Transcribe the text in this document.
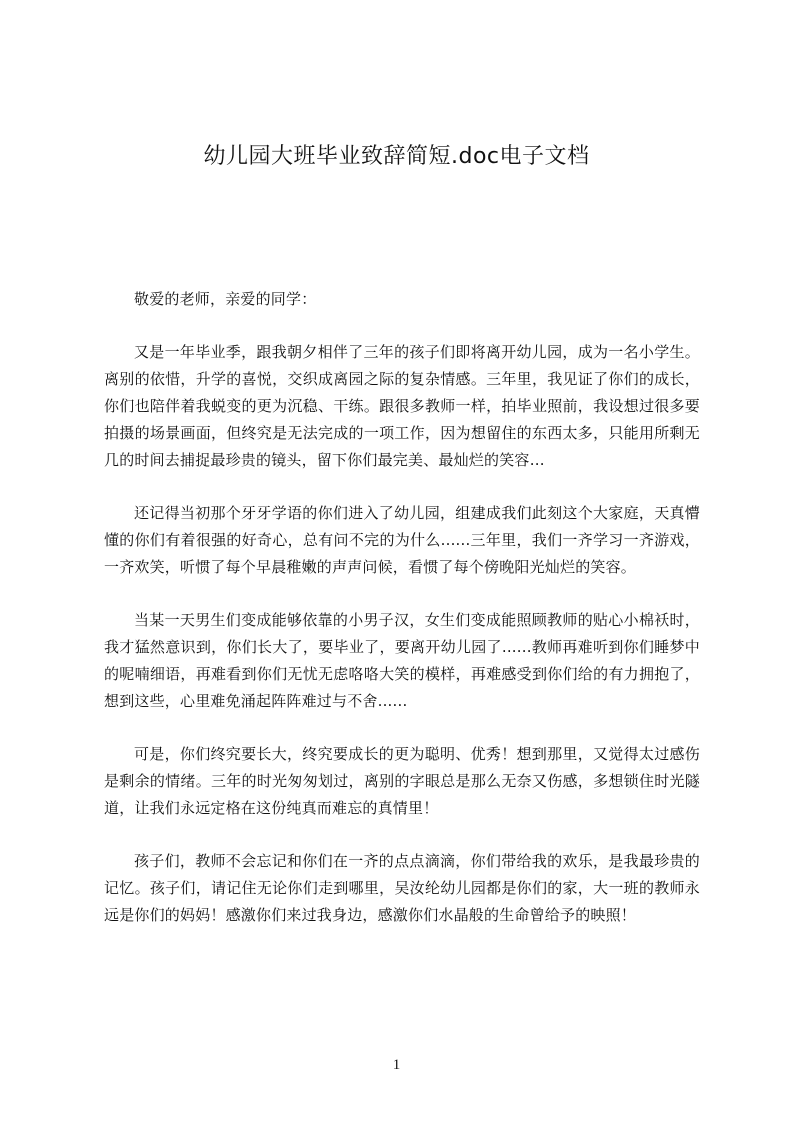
幼儿园大班毕业致辞简短.doc电子文档

敬爱的老师，亲爱的同学：

又是一年毕业季，跟我朝夕相伴了三年的孩子们即将离开幼儿园，成为一名小学生。离别的依惜，升学的喜悦，交织成离园之际的复杂情感。三年里，我见证了你们的成长，你们也陪伴着我蜕变的更为沉稳、干练。跟很多教师一样，拍毕业照前，我设想过很多要拍摄的场景画面，但终究是无法完成的一项工作，因为想留住的东西太多，只能用所剩无几的时间去捕捉最珍贵的镜头，留下你们最完美、最灿烂的笑容…

还记得当初那个牙牙学语的你们进入了幼儿园，组建成我们此刻这个大家庭，天真懵懂的你们有着很强的好奇心，总有问不完的为什么......三年里，我们一齐学习一齐游戏，一齐欢笑，听惯了每个早晨稚嫩的声声问候，看惯了每个傍晚阳光灿烂的笑容。

当某一天男生们变成能够依靠的小男子汉，女生们变成能照顾教师的贴心小棉袄时，我才猛然意识到，你们长大了，要毕业了，要离开幼儿园了......教师再难听到你们睡梦中的呢喃细语，再难看到你们无忧无虑咯咯大笑的模样，再难感受到你们给的有力拥抱了，想到这些，心里难免涌起阵阵难过与不舍......

可是，你们终究要长大，终究要成长的更为聪明、优秀！想到那里，又觉得太过感伤是剩余的情绪。三年的时光匆匆划过，离别的字眼总是那么无奈又伤感，多想锁住时光隧道，让我们永远定格在这份纯真而难忘的真情里！

孩子们，教师不会忘记和你们在一齐的点点滴滴，你们带给我的欢乐，是我最珍贵的记忆。孩子们，请记住无论你们走到哪里，吴汝纶幼儿园都是你们的家，大一班的教师永远是你们的妈妈！感激你们来过我身边，感激你们水晶般的生命曾给予的映照！

1
